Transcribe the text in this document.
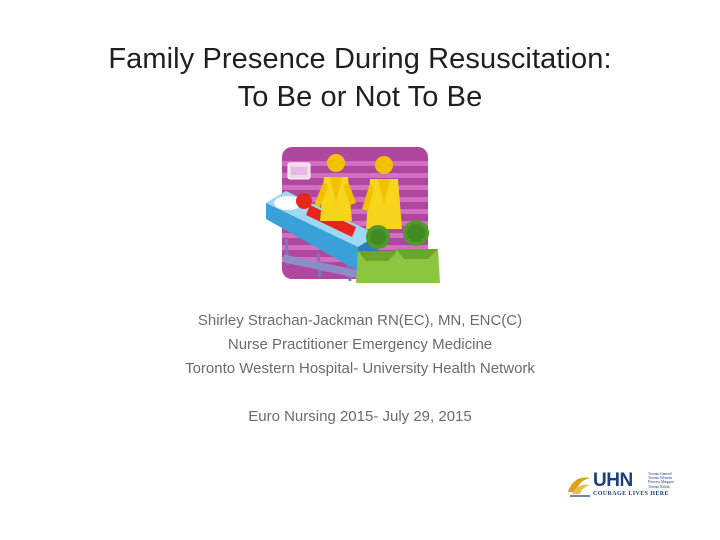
Family Presence During Resuscitation:
To Be or Not To Be
Shirley Strachan-Jackman RN(EC), MN, ENC(C)
Nurse Practitioner Emergency Medicine
Toronto Western Hospital- University Health Network
Euro Nursing 2015- July 29, 2015
UHN
COURAGE LIVES HERE
Toronto General
Toronto Western
Princess Margaret
Toronto Rehab
